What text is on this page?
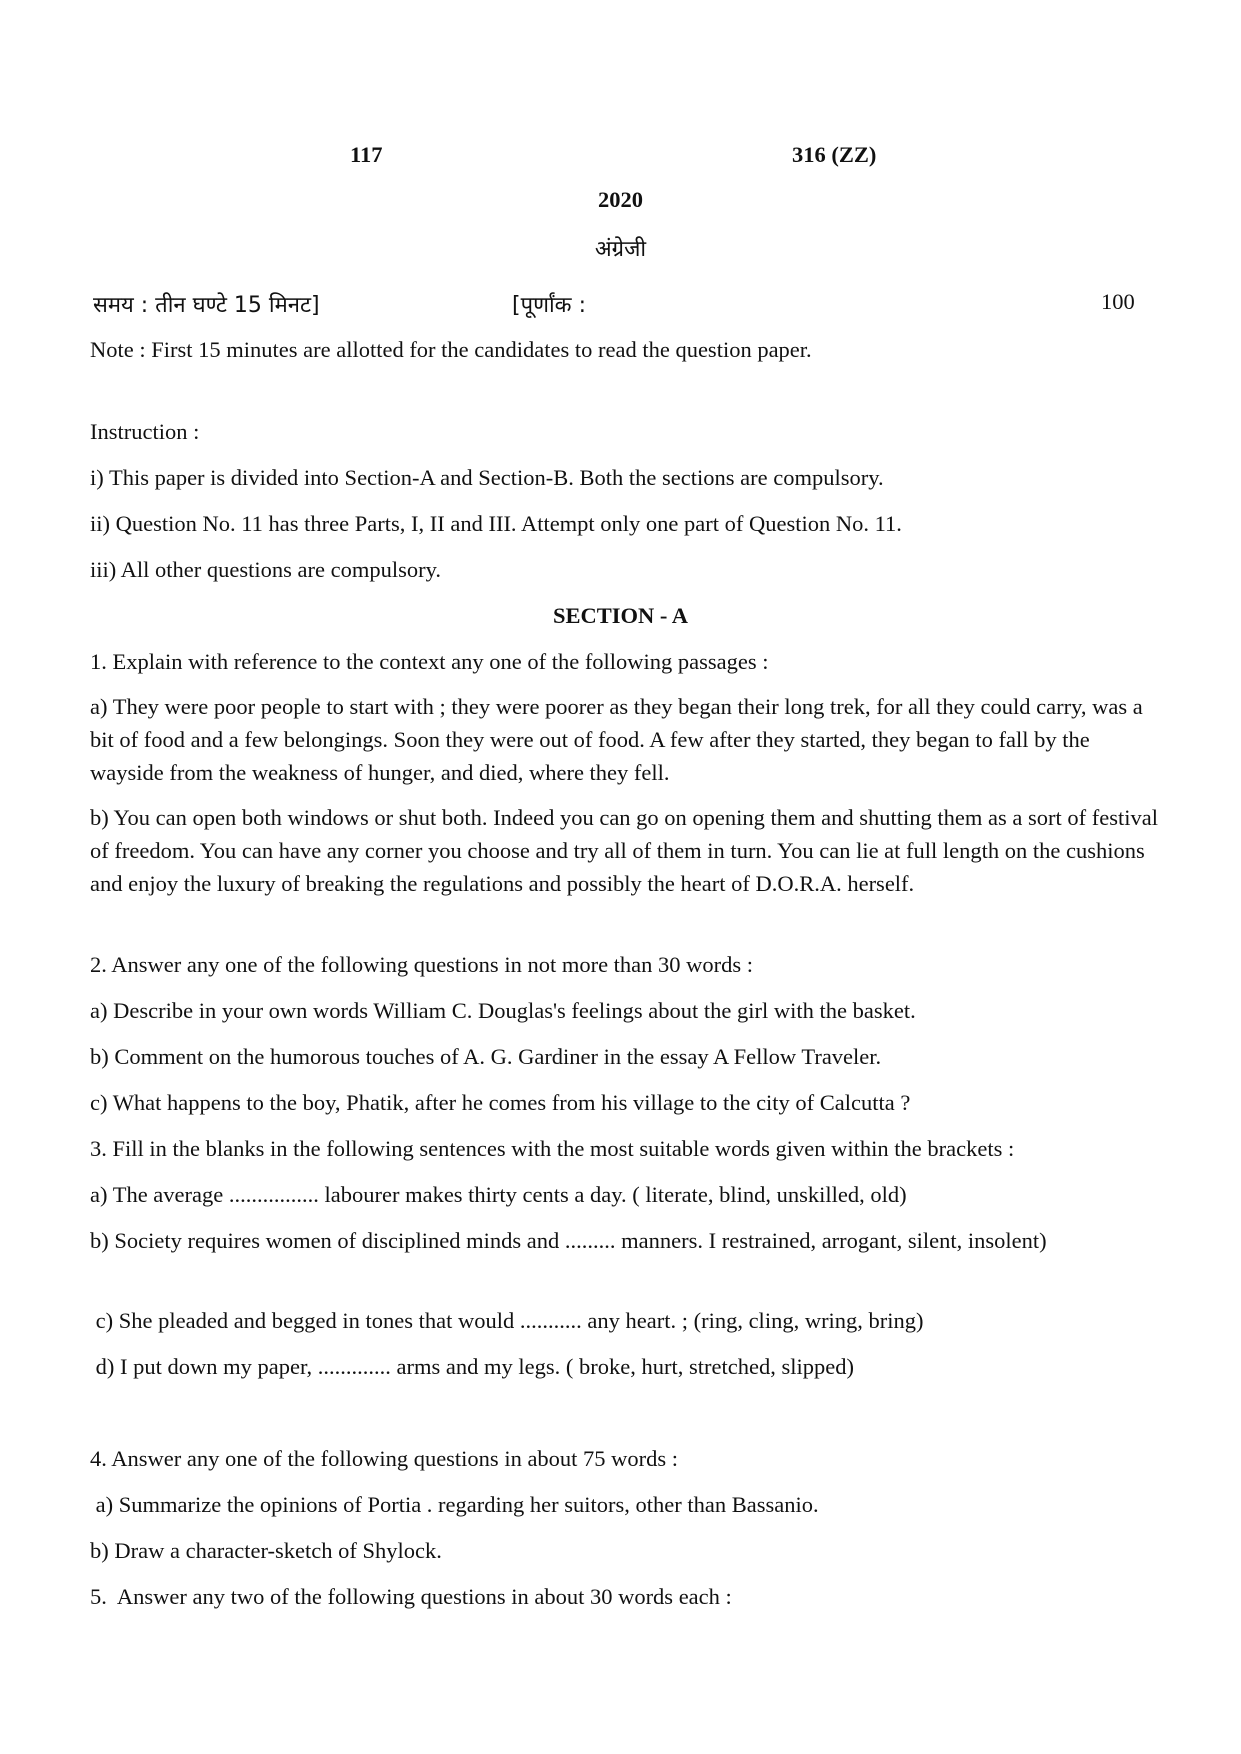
117	316 (ZZ)

2020

अंग्रेजी

समय : तीन घण्टे 15 मिनट]	[पूर्णांक :	100

Note : First 15 minutes are allotted for the candidates to read the question paper.

Instruction :

i) This paper is divided into Section-A and Section-B. Both the sections are compulsory.

ii) Question No. 11 has three Parts, I, II and III. Attempt only one part of Question No. 11.

iii) All other questions are compulsory.

SECTION - A

1. Explain with reference to the context any one of the following passages :

a) They were poor people to start with ; they were poorer as they began their long trek, for all they could carry, was a bit of food and a few belongings. Soon they were out of food. A few after they started, they began to fall by the wayside from the weakness of hunger, and died, where they fell.

b) You can open both windows or shut both. Indeed you can go on opening them and shutting them as a sort of festival of freedom. You can have any corner you choose and try all of them in turn. You can lie at full length on the cushions and enjoy the luxury of breaking the regulations and possibly the heart of D.O.R.A. herself.

2. Answer any one of the following questions in not more than 30 words :

a) Describe in your own words William C. Douglas's feelings about the girl with the basket.

b) Comment on the humorous touches of A. G. Gardiner in the essay A Fellow Traveler.

c) What happens to the boy, Phatik, after he comes from his village to the city of Calcutta ?

3. Fill in the blanks in the following sentences with the most suitable words given within the brackets :

a) The average ................ labourer makes thirty cents a day. ( literate, blind, unskilled, old)

b) Society requires women of disciplined minds and ......... manners. I restrained, arrogant, silent, insolent)

c) She pleaded and begged in tones that would ........... any heart. ; (ring, cling, wring, bring)

d) I put down my paper, ............. arms and my legs. ( broke, hurt, stretched, slipped)

4. Answer any one of the following questions in about 75 words :

a) Summarize the opinions of Portia . regarding her suitors, other than Bassanio.

b) Draw a character-sketch of Shylock.

5.  Answer any two of the following questions in about 30 words each :
